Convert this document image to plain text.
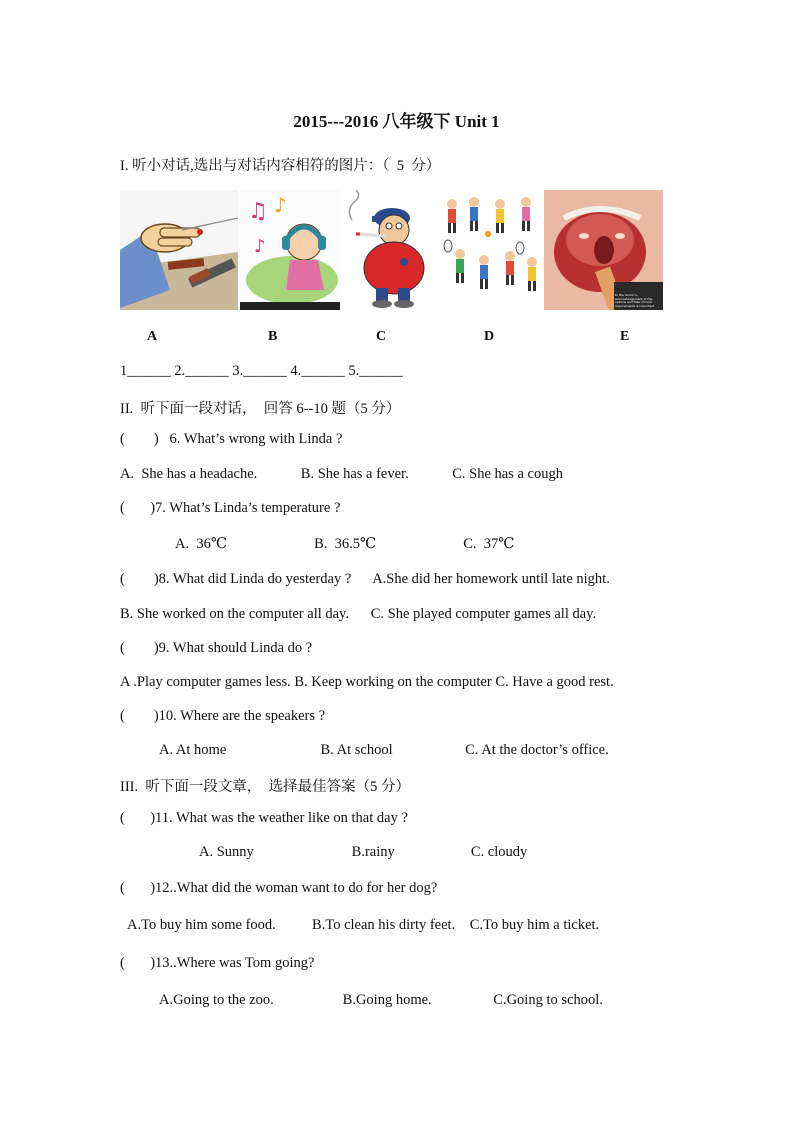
2015---2016 八年级下 Unit 1
I. 听小对话,选出与对话内容相符的图片：（  5  分）
♫ ♪
♪
to the doctor's, acknowledgement of the options and their clinical requirements is important
A	B	C	D	E
1______ 2.______ 3.______ 4.______ 5.______
II.  听下面一段对话，  回答 6--10 题（5 分）
(        )   6. What’s wrong with Linda ?
A.  She has a headache.            B. She has a fever.            C. She has a cough
(       )7. What’s Linda’s temperature ?
A.  36℃                        B.  36.5℃                        C.  37℃
(        )8. What did Linda do yesterday ?      A.She did her homework until late night.
B. She worked on the computer all day.      C. She played computer games all day.
(        )9. What should Linda do ?
A .Play computer games less. B. Keep working on the computer C. Have a good rest.
(        )10. Where are the speakers ?
A. At home                          B. At school                    C. At the doctor’s office.
III.  听下面一段文章，  选择最佳答案（5 分）
(       )11. What was the weather like on that day ?
A. Sunny                           B.rainy                     C. cloudy
(       )12..What did the woman want to do for her dog?
A.To buy him some food.          B.To clean his dirty feet.    C.To buy him a ticket.
(       )13..Where was Tom going?
A.Going to the zoo.                   B.Going home.                 C.Going to school.
